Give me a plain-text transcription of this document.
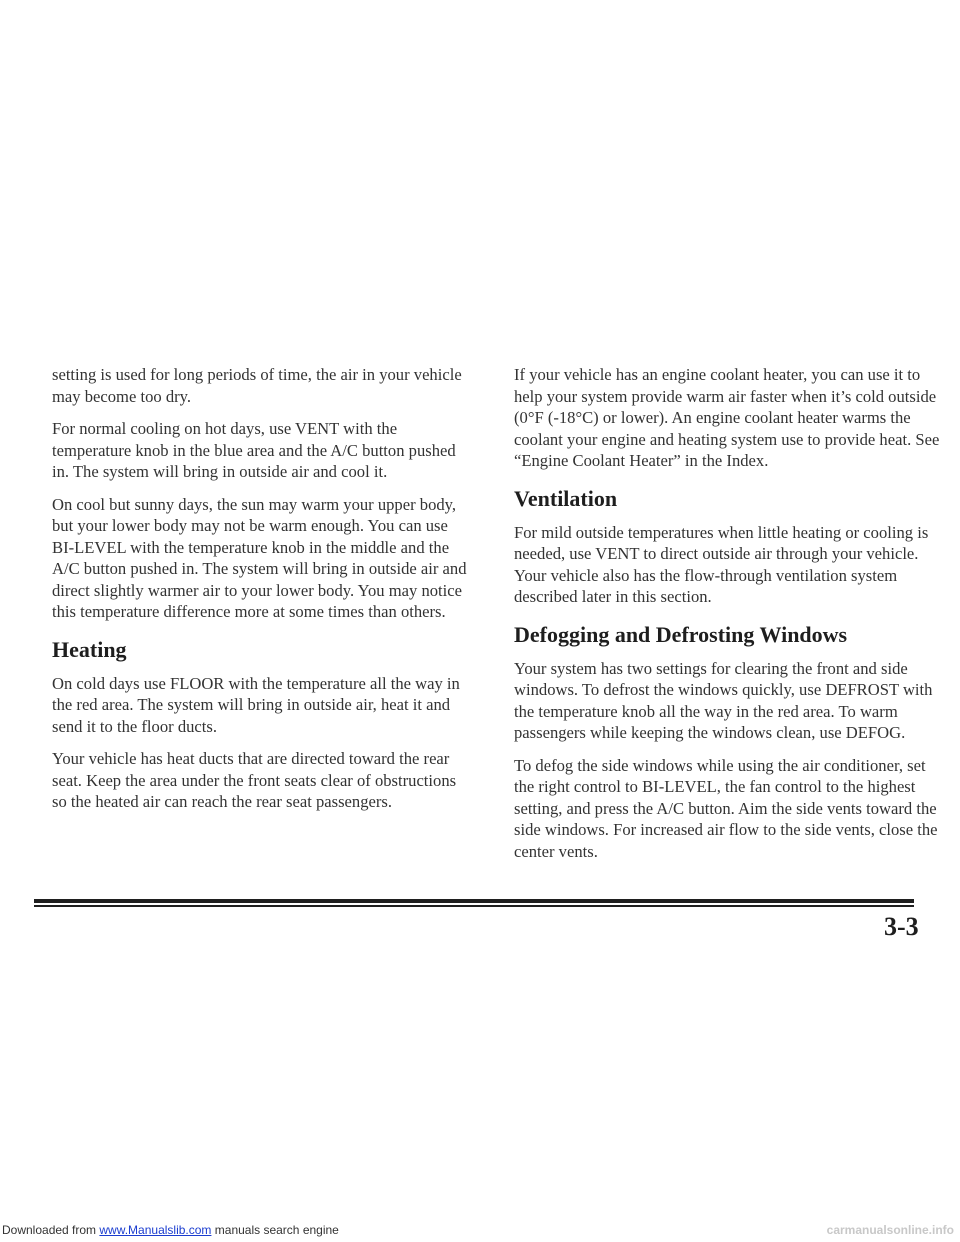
setting is used for long periods of time, the air in your vehicle may become too dry.

For normal cooling on hot days, use VENT with the temperature knob in the blue area and the A/C button pushed in. The system will bring in outside air and cool it.

On cool but sunny days, the sun may warm your upper body, but your lower body may not be warm enough. You can use BI-LEVEL with the temperature knob in the middle and the A/C button pushed in. The system will bring in outside air and direct slightly warmer air to your lower body. You may notice this temperature difference more at some times than others.

Heating

On cold days use FLOOR with the temperature all the way in the red area. The system will bring in outside air, heat it and send it to the floor ducts.

Your vehicle has heat ducts that are directed toward the rear seat. Keep the area under the front seats clear of obstructions so the heated air can reach the rear seat passengers.

If your vehicle has an engine coolant heater, you can use it to help your system provide warm air faster when it’s cold outside (0°F (-18°C) or lower). An engine coolant heater warms the coolant your engine and heating system use to provide heat. See “Engine Coolant Heater” in the Index.

Ventilation

For mild outside temperatures when little heating or cooling is needed, use VENT to direct outside air through your vehicle. Your vehicle also has the flow-through ventilation system described later in this section.

Defogging and Defrosting Windows

Your system has two settings for clearing the front and side windows. To defrost the windows quickly, use DEFROST with the temperature knob all the way in the red area. To warm passengers while keeping the windows clean, use DEFOG.

To defog the side windows while using the air conditioner, set the right control to BI-LEVEL, the fan control to the highest setting, and press the A/C button. Aim the side vents toward the side windows. For increased air flow to the side vents, close the center vents.

3-3
Downloaded from www.Manualslib.com manuals search engine	carmanualsonline.info
